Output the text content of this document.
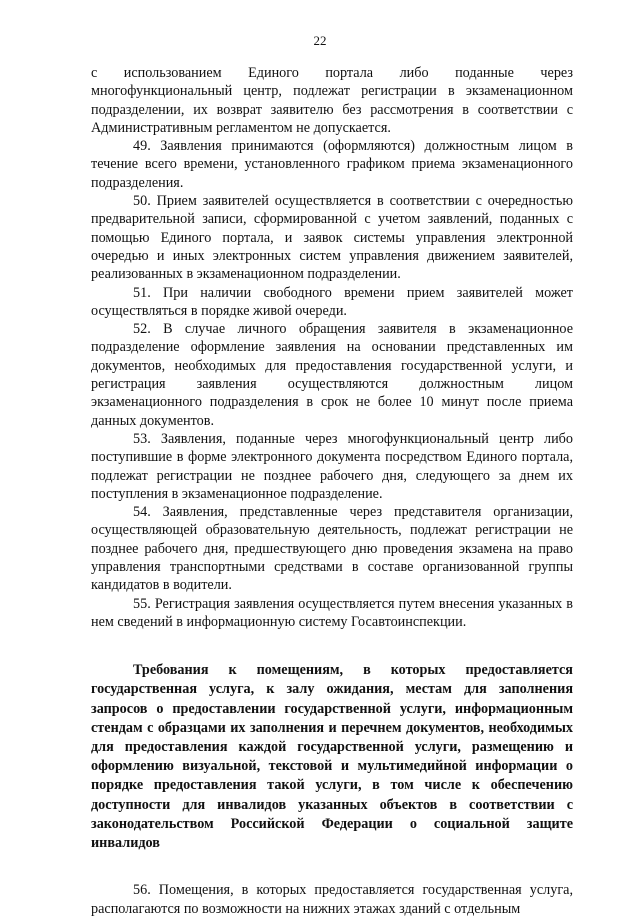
22

с использованием Единого портала либо поданные через многофункциональный центр, подлежат регистрации в экзаменационном подразделении, их возврат заявителю без рассмотрения в соответствии с Административным регламентом не допускается.

49. Заявления принимаются (оформляются) должностным лицом в течение всего времени, установленного графиком приема экзаменационного подразделения.

50. Прием заявителей осуществляется в соответствии с очередностью предварительной записи, сформированной с учетом заявлений, поданных с помощью Единого портала, и заявок системы управления электронной очередью и иных электронных систем управления движением заявителей, реализованных в экзаменационном подразделении.

51. При наличии свободного времени прием заявителей может осуществляться в порядке живой очереди.

52. В случае личного обращения заявителя в экзаменационное подразделение оформление заявления на основании представленных им документов, необходимых для предоставления государственной услуги, и регистрация заявления осуществляются должностным лицом экзаменационного подразделения в срок не более 10 минут после приема данных документов.

53. Заявления, поданные через многофункциональный центр либо поступившие в форме электронного документа посредством Единого портала, подлежат регистрации не позднее рабочего дня, следующего за днем их поступления в экзаменационное подразделение.

54. Заявления, представленные через представителя организации, осуществляющей образовательную деятельность, подлежат регистрации не позднее рабочего дня, предшествующего дню проведения экзамена на право управления транспортными средствами в составе организованной группы кандидатов в водители.

55. Регистрация заявления осуществляется путем внесения указанных в нем сведений в информационную систему Госавтоинспекции.

Требования к помещениям, в которых предоставляется государственная услуга, к залу ожидания, местам для заполнения запросов о предоставлении государственной услуги, информационным стендам с образцами их заполнения и перечнем документов, необходимых для предоставления каждой государственной услуги, размещению и оформлению визуальной, текстовой и мультимедийной информации о порядке предоставления такой услуги, в том числе к обеспечению доступности для инвалидов указанных объектов в соответствии с законодательством Российской Федерации о социальной защите инвалидов

56. Помещения, в которых предоставляется государственная услуга, располагаются по возможности на нижних этажах зданий с отдельным
